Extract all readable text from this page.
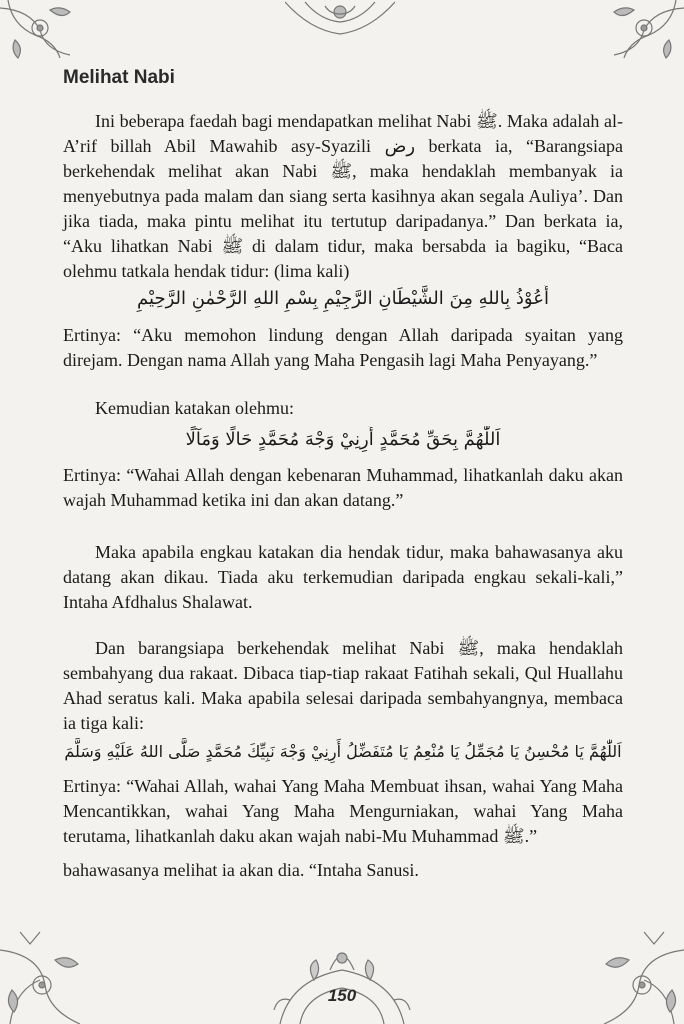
Melihat Nabi

Ini beberapa faedah bagi mendapatkan melihat Nabi ﷺ. Maka adalah al-A’rif billah Abil Mawahib asy-Syazili رض berkata ia, “Barangsiapa berkehendak melihat akan Nabi ﷺ, maka hendaklah membanyak ia menyebutnya pada malam dan siang serta kasihnya akan segala Auliya’. Dan jika tiada, maka pintu melihat itu tertutup daripadanya.” Dan berkata ia, “Aku lihatkan Nabi ﷺ di dalam tidur, maka bersabda ia bagiku, “Baca olehmu tatkala hendak tidur: (lima kali)

أَعُوْذُ بِاللهِ مِنَ الشَّيْطَانِ الرَّجِيْمِ بِسْمِ اللهِ الرَّحْمٰنِ الرَّحِيْمِ

Ertinya: “Aku memohon lindung dengan Allah daripada syaitan yang direjam. Dengan nama Allah yang Maha Pengasih lagi Maha Penyayang.”

Kemudian katakan olehmu:

اَللّٰهُمَّ بِحَقِّ مُحَمَّدٍ أَرِنِيْ وَجْهَ مُحَمَّدٍ حَالًا وَمَآلًا

Ertinya: “Wahai Allah dengan kebenaran Muhammad, lihatkanlah daku akan wajah Muhammad ketika ini dan akan datang.”

Maka apabila engkau katakan dia hendak tidur, maka bahawasanya aku datang akan dikau. Tiada aku terkemudian daripada engkau sekali-kali,” Intaha Afdhalus Shalawat.

Dan barangsiapa berkehendak melihat Nabi ﷺ, maka hendaklah sembahyang dua rakaat. Dibaca tiap-tiap rakaat Fatihah sekali, Qul Huallahu Ahad seratus kali. Maka apabila selesai daripada sembahyangnya, membaca ia tiga kali:

اَللّٰهُمَّ يَا مُحْسِنُ يَا مُجَمِّلُ يَا مُنْعِمُ يَا مُتَفَضِّلُ أَرِنِيْ وَجْهَ نَبِيِّكَ مُحَمَّدٍ صَلَّى اللهُ عَلَيْهِ وَسَلَّمَ

Ertinya: “Wahai Allah, wahai Yang Maha Membuat ihsan, wahai Yang Maha Mencantikkan, wahai Yang Maha Mengurniakan, wahai Yang Maha terutama, lihatkanlah daku akan wajah nabi-Mu Muhammad ﷺ.”

bahawasanya melihat ia akan dia. “Intaha Sanusi.

150
